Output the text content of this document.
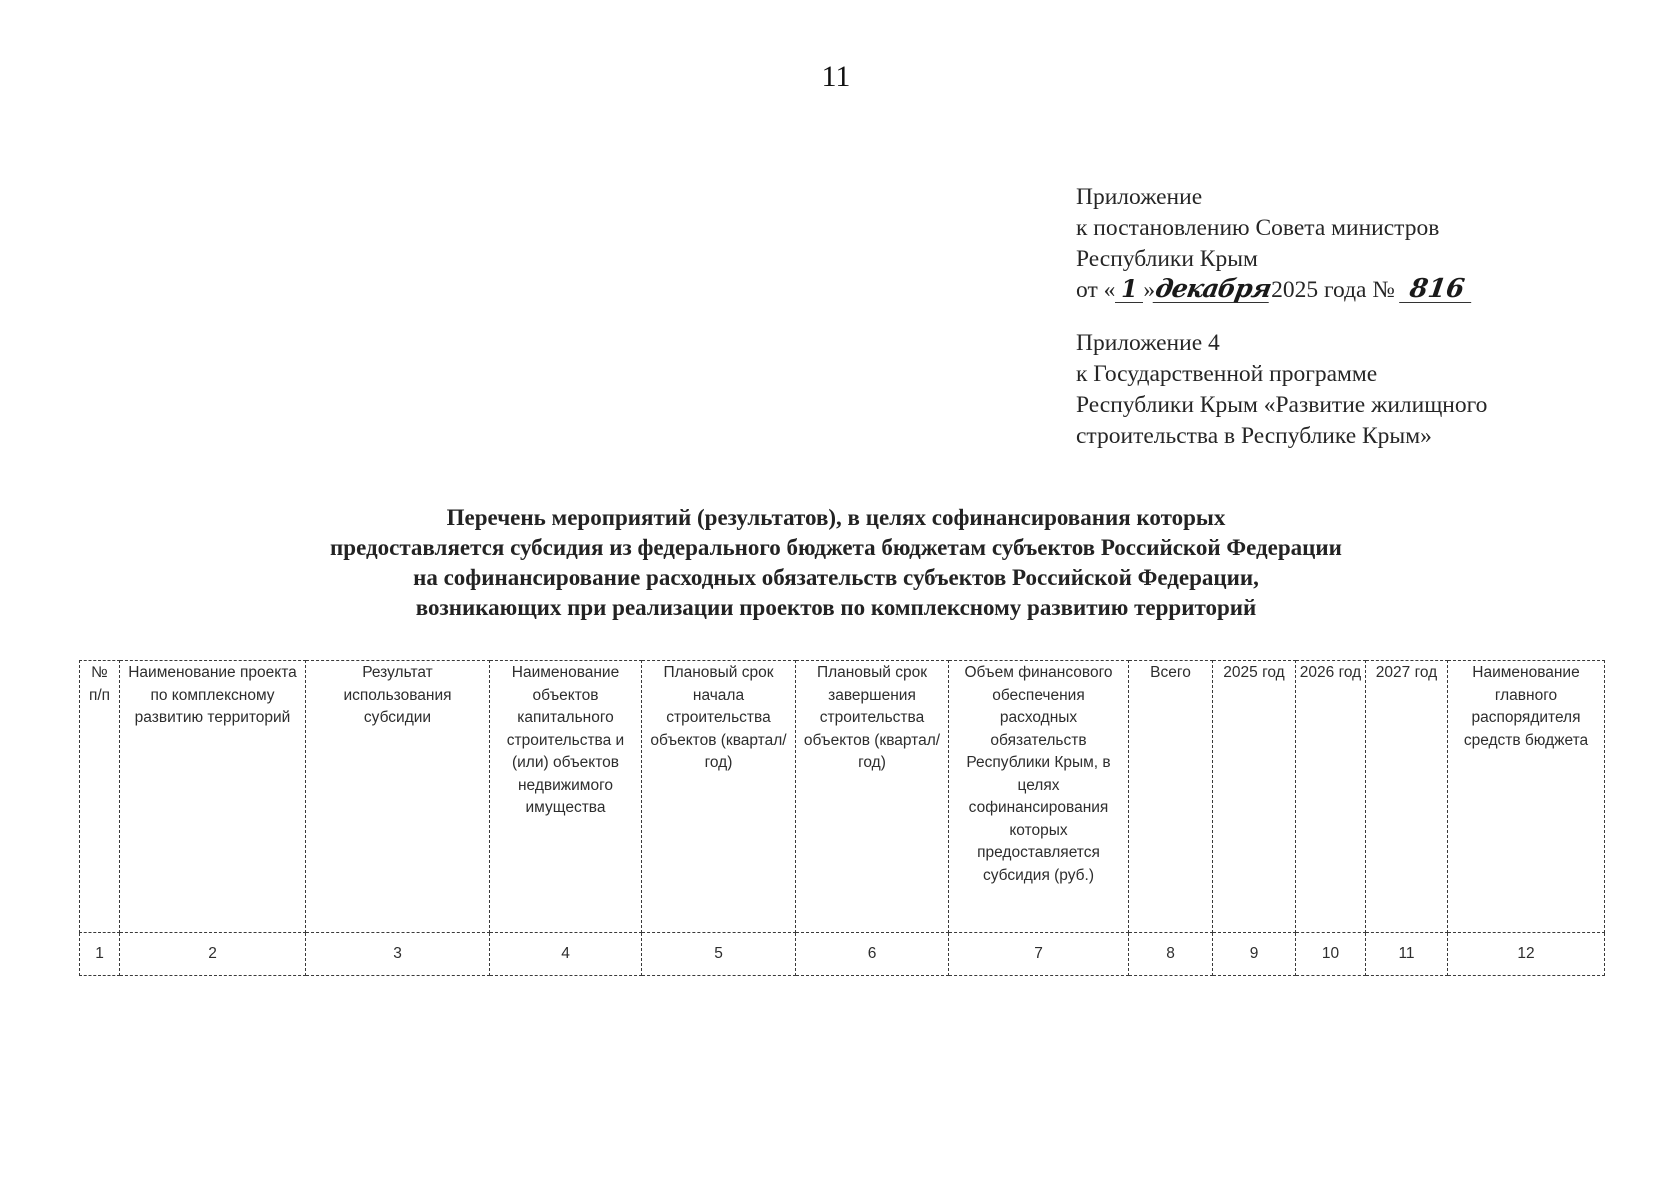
11
Приложение
к постановлению Совета министров
Республики Крым
от « 1 »декабря2025 года № 816
Приложение 4
к Государственной программе
Республики Крым «Развитие жилищного
строительства в Республике Крым»
Перечень мероприятий (результатов), в целях софинансирования которых
предоставляется субсидия из федерального бюджета бюджетам субъектов Российской Федерации
на софинансирование расходных обязательств субъектов Российской Федерации,
возникающих при реализации проектов по комплексному развитию территорий
№ п/п	Наименование проекта по комплексному развитию территорий	Результат использования субсидии	Наименование объектов капитального строительства и (или) объектов недвижимого имущества	Плановый срок начала строительства объектов (квартал/год)	Плановый срок завершения строительства объектов (квартал/год)	Объем финансового обеспечения расходных обязательств Республики Крым, в целях софинансирования которых предоставляется субсидия (руб.)	Всего	2025 год	2026 год	2027 год	Наименование главного распорядителя средств бюджета
1	2	3	4	5	6	7	8	9	10	11	12
